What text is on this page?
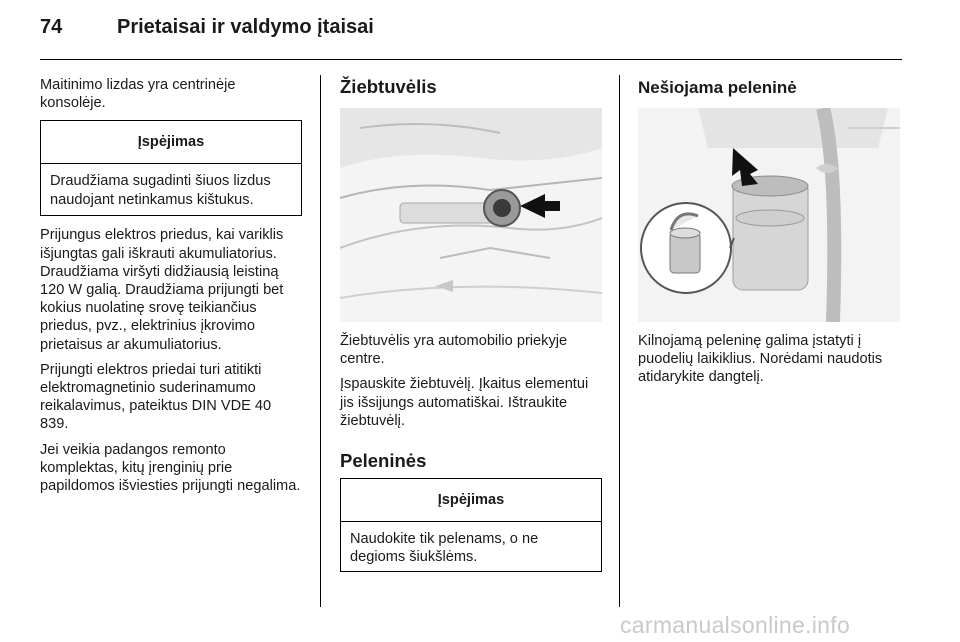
74	Prietaisai ir valdymo įtaisai

Maitinimo lizdas yra centrinėje konsolėje.

Įspėjimas
Draudžiama sugadinti šiuos lizdus naudojant netinkamus kištukus.

Prijungus elektros priedus, kai variklis išjungtas gali iškrauti akumuliatorius. Draudžiama viršyti didžiausią leistiną 120 W galią. Draudžiama prijungti bet kokius nuolatinę srovę teikiančius priedus, pvz., elektrinius įkrovimo prietaisus ar akumuliatorius.

Prijungti elektros priedai turi atitikti elektromagnetinio suderinamumo reikalavimus, pateiktus DIN VDE 40 839.

Jei veikia padangos remonto komplektas, kitų įrenginių prie papildomos išviesties prijungti negalima.

Žiebtuvėlis

Žiebtuvėlis yra automobilio priekyje centre.

Įspauskite žiebtuvėlį. Įkaitus elementui jis išsijungs automatiškai. Ištraukite žiebtuvėlį.

Peleninės
Įspėjimas
Naudokite tik pelenams, o ne degioms šiukšlėms.
Nešiojama peleninė

Kilnojamą peleninę galima įstatyti į puodelių laikiklius. Norėdami naudotis atidarykite dangtelį.

carmanualsonline.info
